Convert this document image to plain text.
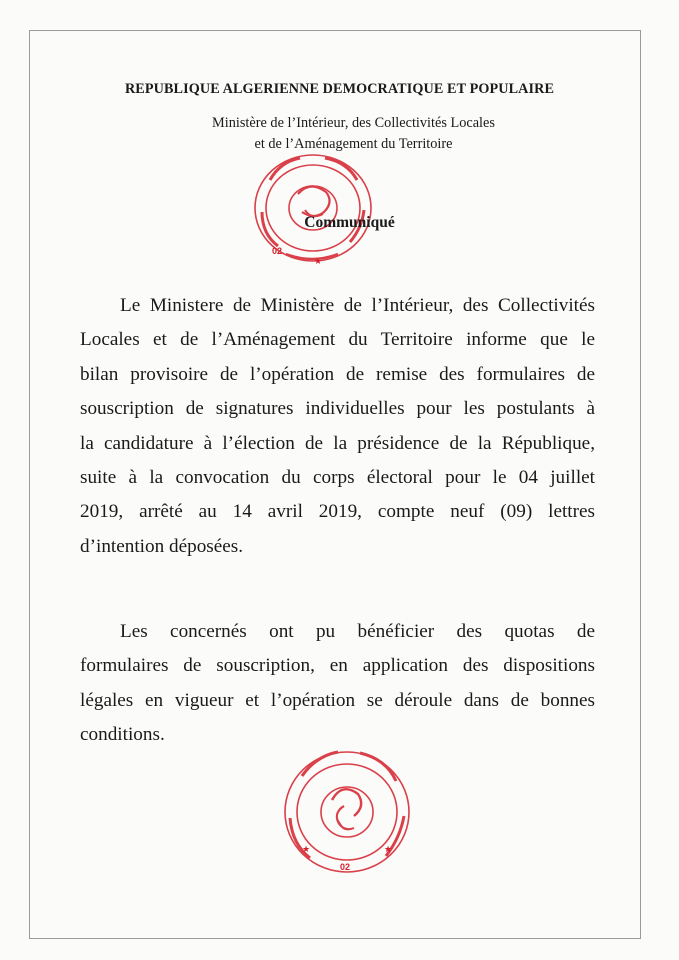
REPUBLIQUE ALGERIENNE DEMOCRATIQUE ET POPULAIRE
Ministère de l’Intérieur, des Collectivités Locales
et de l’Aménagement du Territoire
02
★
Communiqué
Le Ministere de Ministère de l’Intérieur, des Collectivités
Locales et de l’Aménagement du Territoire informe que le
bilan provisoire de l’opération de remise des formulaires de
souscription de signatures individuelles pour les postulants à
la candidature à l’élection de la présidence de la République,
suite à la convocation du corps électoral pour le 04 juillet
2019, arrêté au 14 avril 2019, compte neuf (09) lettres
d’intention déposées.
Les concernés ont pu bénéficier des quotas de
formulaires de souscription, en application des dispositions
légales en vigueur et l’opération se déroule dans de bonnes
conditions.
02
★	★
